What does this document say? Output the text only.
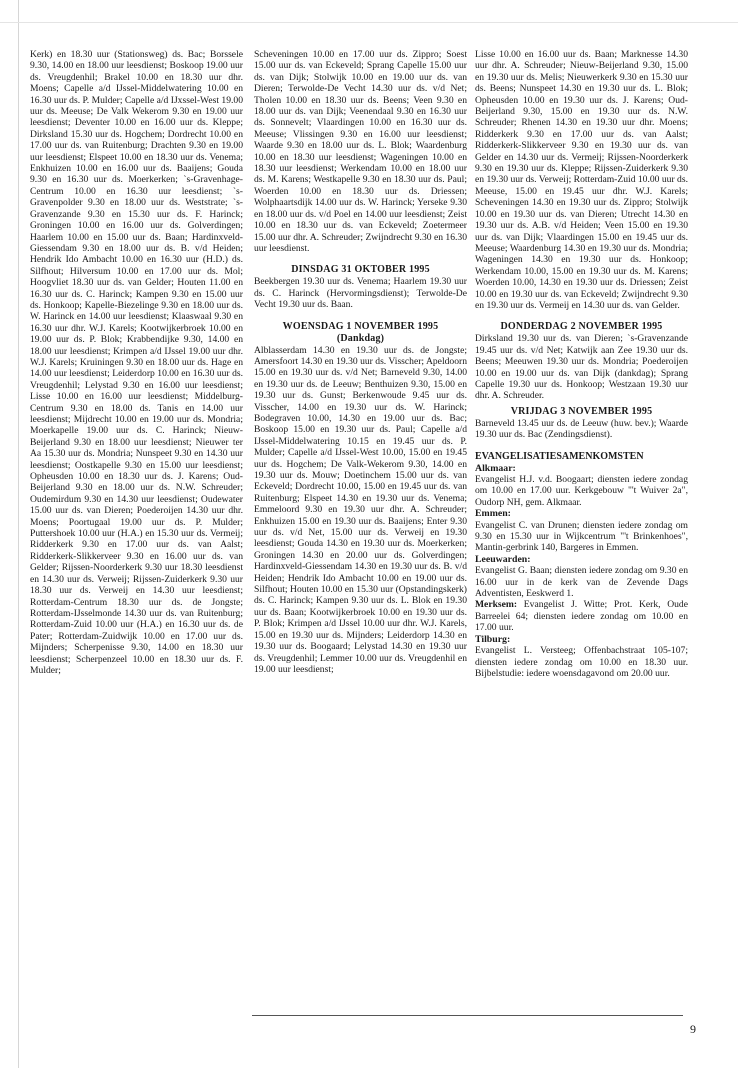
Kerk) en 18.30 uur (Stationsweg) ds. Bac; Borssele 9.30, 14.00 en 18.00 uur leesdienst; Boskoop 19.00 uur ds. Vreugdenhil; Brakel 10.00 en 18.30 uur dhr. Moens; Capelle a/d IJssel-Middelwatering 10.00 en 16.30 uur ds. P. Mulder; Capelle a/d IJxssel-West 19.00 uur ds. Meeuse; De Valk Wekerom 9.30 en 19.00 uur leesdienst; Deventer 10.00 en 16.00 uur ds. Kleppe; Dirksland 15.30 uur ds. Hogchem; Dordrecht 10.00 en 17.00 uur ds. van Ruitenburg; Drachten 9.30 en 19.00 uur leesdienst; Elspeet 10.00 en 18.30 uur ds. Venema; Enkhuizen 10.00 en 16.00 uur ds. Baaijens; Gouda 9.30 en 16.30 uur ds. Moerkerken; `s-Gravenhage-Centrum 10.00 en 16.30 uur leesdienst; `s-Gravenpolder 9.30 en 18.00 uur ds. Weststrate; `s-Gravenzande 9.30 en 15.30 uur ds. F. Harinck; Groningen 10.00 en 16.00 uur ds. Golverdingen; Haarlem 10.00 en 15.00 uur ds. Baan; Hardinxveld-Giessendam 9.30 en 18.00 uur ds. B. v/d Heiden; Hendrik Ido Ambacht 10.00 en 16.30 uur (H.D.) ds. Silfhout; Hilversum 10.00 en 17.00 uur ds. Mol; Hoogvliet 18.30 uur ds. van Gelder; Houten 11.00 en 16.30 uur ds. C. Harinck; Kampen 9.30 en 15.00 uur ds. Honkoop; Kapelle-Biezelinge 9.30 en 18.00 uur ds. W. Harinck en 14.00 uur leesdienst; Klaaswaal 9.30 en 16.30 uur dhr. W.J. Karels; Kootwijkerbroek 10.00 en 19.00 uur ds. P. Blok; Krabbendijke 9.30, 14.00 en 18.00 uur leesdienst; Krimpen a/d IJssel 19.00 uur dhr. W.J. Karels; Kruiningen 9.30 en 18.00 uur ds. Hage en 14.00 uur leesdienst; Leiderdorp 10.00 en 16.30 uur ds. Vreugdenhil; Lelystad 9.30 en 16.00 uur leesdienst; Lisse 10.00 en 16.00 uur leesdienst; Middelburg-Centrum 9.30 en 18.00 ds. Tanis en 14.00 uur leesdienst; Mijdrecht 10.00 en 19.00 uur ds. Mondria; Moerkapelle 19.00 uur ds. C. Harinck; Nieuw-Beijerland 9.30 en 18.00 uur leesdienst; Nieuwer ter Aa 15.30 uur ds. Mondria; Nunspeet 9.30 en 14.30 uur leesdienst; Oostkapelle 9.30 en 15.00 uur leesdienst; Opheusden 10.00 en 18.30 uur ds. J. Karens; Oud-Beijerland 9.30 en 18.00 uur ds. N.W. Schreuder; Oudemirdum 9.30 en 14.30 uur leesdienst; Oudewater 15.00 uur ds. van Dieren; Poederoijen 14.30 uur dhr. Moens; Poortugaal 19.00 uur ds. P. Mulder; Puttershoek 10.00 uur (H.A.) en 15.30 uur ds. Vermeij; Ridderkerk 9.30 en 17.00 uur ds. van Aalst; Ridderkerk-Slikkerveer 9.30 en 16.00 uur ds. van Gelder; Rijssen-Noorderkerk 9.30 uur 18.30 leesdienst en 14.30 uur ds. Verweij; Rijssen-Zuiderkerk 9.30 uur 18.30 uur ds. Verweij en 14.30 uur leesdienst; Rotterdam-Centrum 18.30 uur ds. de Jongste; Rotterdam-IJsselmonde 14.30 uur ds. van Ruitenburg; Rotterdam-Zuid 10.00 uur (H.A.) en 16.30 uur ds. de Pater; Rotterdam-Zuidwijk 10.00 en 17.00 uur ds. Mijnders; Scherpenisse 9.30, 14.00 en 18.30 uur leesdienst; Scherpenzeel 10.00 en 18.30 uur ds. F. Mulder;

Scheveningen 10.00 en 17.00 uur ds. Zippro; Soest 15.00 uur ds. van Eckeveld; Sprang Capelle 15.00 uur ds. van Dijk; Stolwijk 10.00 en 19.00 uur ds. van Dieren; Terwolde-De Vecht 14.30 uur ds. v/d Net; Tholen 10.00 en 18.30 uur ds. Beens; Veen 9.30 en 18.00 uur ds. van Dijk; Veenendaal 9.30 en 16.30 uur ds. Sonnevelt; Vlaardingen 10.00 en 16.30 uur ds. Meeuse; Vlissingen 9.30 en 16.00 uur leesdienst; Waarde 9.30 en 18.00 uur ds. L. Blok; Waardenburg 10.00 en 18.30 uur leesdienst; Wageningen 10.00 en 18.30 uur leesdienst; Werkendam 10.00 en 18.00 uur ds. M. Karens; Westkapelle 9.30 en 18.30 uur ds. Paul; Woerden 10.00 en 18.30 uur ds. Driessen; Wolphaartsdijk 14.00 uur ds. W. Harinck; Yerseke 9.30 en 18.00 uur ds. v/d Poel en 14.00 uur leesdienst; Zeist 10.00 en 18.30 uur ds. van Eckeveld; Zoetermeer 15.00 uur dhr. A. Schreuder; Zwijndrecht 9.30 en 16.30 uur leesdienst.

DINSDAG 31 OKTOBER 1995

Beekbergen 19.30 uur ds. Venema; Haarlem 19.30 uur ds. C. Harinck (Hervormingsdienst); Terwolde-De Vecht 19.30 uur ds. Baan.

WOENSDAG 1 NOVEMBER 1995
(Dankdag)

Alblasserdam 14.30 en 19.30 uur ds. de Jongste; Amersfoort 14.30 en 19.30 uur ds. Visscher; Apeldoorn 15.00 en 19.30 uur ds. v/d Net; Barneveld 9.30, 14.00 en 19.30 uur ds. de Leeuw; Benthuizen 9.30, 15.00 en 19.30 uur ds. Gunst; Berkenwoude 9.45 uur ds. Visscher, 14.00 en 19.30 uur ds. W. Harinck; Bodegraven 10.00, 14.30 en 19.00 uur ds. Bac; Boskoop 15.00 en 19.30 uur ds. Paul; Capelle a/d IJssel-Middelwatering 10.15 en 19.45 uur ds. P. Mulder; Capelle a/d IJssel-West 10.00, 15.00 en 19.45 uur ds. Hogchem; De Valk-Wekerom 9.30, 14.00 en 19.30 uur ds. Mouw; Doetinchem 15.00 uur ds. van Eckeveld; Dordrecht 10.00, 15.00 en 19.45 uur ds. van Ruitenburg; Elspeet 14.30 en 19.30 uur ds. Venema; Emmeloord 9.30 en 19.30 uur dhr. A. Schreuder; Enkhuizen 15.00 en 19.30 uur ds. Baaijens; Enter 9.30 uur ds. v/d Net, 15.00 uur ds. Verweij en 19.30 leesdienst; Gouda 14.30 en 19.30 uur ds. Moerkerken; Groningen 14.30 en 20.00 uur ds. Golverdingen; Hardinxveld-Giessendam 14.30 en 19.30 uur ds. B. v/d Heiden; Hendrik Ido Ambacht 10.00 en 19.00 uur ds. Silfhout; Houten 10.00 en 15.30 uur (Opstandingskerk) ds. C. Harinck; Kampen 9.30 uur ds. L. Blok en 19.30 uur ds. Baan; Kootwijkerbroek 10.00 en 19.30 uur ds. P. Blok; Krimpen a/d IJssel 10.00 uur dhr. W.J. Karels, 15.00 en 19.30 uur ds. Mijnders; Leiderdorp 14.30 en 19.30 uur ds. Boogaard; Lelystad 14.30 en 19.30 uur ds. Vreugdenhil; Lemmer 10.00 uur ds. Vreugdenhil en 19.00 uur leesdienst;

Lisse 10.00 en 16.00 uur ds. Baan; Marknesse 14.30 uur dhr. A. Schreuder; Nieuw-Beijerland 9.30, 15.00 en 19.30 uur ds. Melis; Nieuwerkerk 9.30 en 15.30 uur ds. Beens; Nunspeet 14.30 en 19.30 uur ds. L. Blok; Opheusden 10.00 en 19.30 uur ds. J. Karens; Oud-Beijerland 9.30, 15.00 en 19.30 uur ds. N.W. Schreuder; Rhenen 14.30 en 19.30 uur dhr. Moens; Ridderkerk 9.30 en 17.00 uur ds. van Aalst; Ridderkerk-Slikkerveer 9.30 en 19.30 uur ds. van Gelder en 14.30 uur ds. Vermeij; Rijssen-Noorderkerk 9.30 en 19.30 uur ds. Kleppe; Rijssen-Zuiderkerk 9.30 en 19.30 uur ds. Verweij; Rotterdam-Zuid 10.00 uur ds. Meeuse, 15.00 en 19.45 uur dhr. W.J. Karels; Scheveningen 14.30 en 19.30 uur ds. Zippro; Stolwijk 10.00 en 19.30 uur ds. van Dieren; Utrecht 14.30 en 19.30 uur ds. A.B. v/d Heiden; Veen 15.00 en 19.30 uur ds. van Dijk; Vlaardingen 15.00 en 19.45 uur ds. Meeuse; Waardenburg 14.30 en 19.30 uur ds. Mondria; Wageningen 14.30 en 19.30 uur ds. Honkoop; Werkendam 10.00, 15.00 en 19.30 uur ds. M. Karens; Woerden 10.00, 14.30 en 19.30 uur ds. Driessen; Zeist 10.00 en 19.30 uur ds. van Eckeveld; Zwijndrecht 9.30 en 19.30 uur ds. Vermeij en 14.30 uur ds. van Gelder.

DONDERDAG 2 NOVEMBER 1995

Dirksland 19.30 uur ds. van Dieren; `s-Gravenzande 19.45 uur ds. v/d Net; Katwijk aan Zee 19.30 uur ds. Beens; Meeuwen 19.30 uur ds. Mondria; Poederoijen 10.00 en 19.00 uur ds. van Dijk (dankdag); Sprang Capelle 19.30 uur ds. Honkoop; Westzaan 19.30 uur dhr. A. Schreuder.

VRIJDAG 3 NOVEMBER 1995

Barneveld 13.45 uur ds. de Leeuw (huw. bev.); Waarde 19.30 uur ds. Bac (Zendingsdienst).

EVANGELISATIESAMENKOMSTEN
Alkmaar:

Evangelist H.J. v.d. Boogaart; diensten iedere zondag om 10.00 en 17.00 uur. Kerkgebouw "'t Wuiver 2a", Oudorp NH, gem. Alkmaar.

Emmen:

Evangelist C. van Drunen; diensten iedere zondag om 9.30 en 15.30 uur in Wijkcentrum "'t Brinkenhoes", Mantin-gerbrink 140, Bargeres in Emmen.

Leeuwarden:

Evangelist G. Baan; diensten iedere zondag om 9.30 en 16.00 uur in de kerk van de Zevende Dags Adventisten, Eeskwerd 1.

Merksem: Evangelist J. Witte; Prot. Kerk, Oude Barreelei 64; diensten iedere zondag om 10.00 en 17.00 uur.

Tilburg:

Evangelist L. Versteeg; Offenbachstraat 105-107; diensten iedere zondag om 10.00 en 18.30 uur. Bijbelstudie: iedere woensdagavond om 20.00 uur.

9
